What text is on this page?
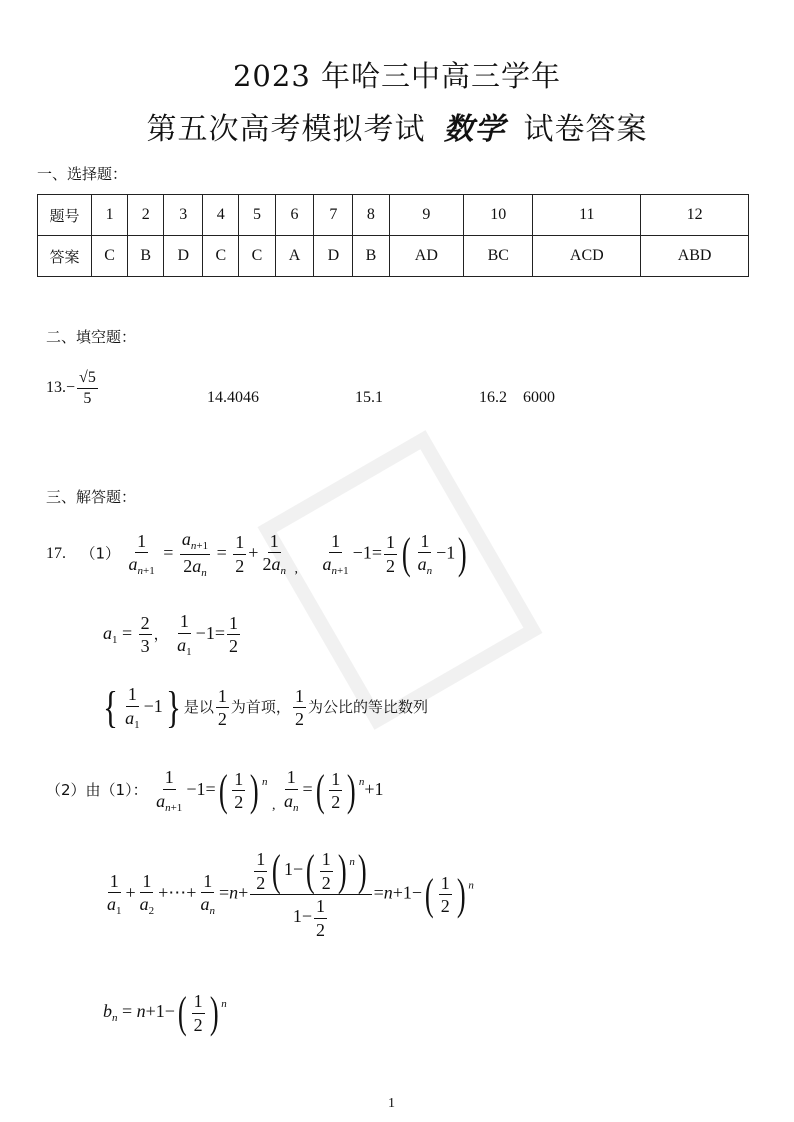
2023 年哈三中高三学年
第五次高考模拟考试 数学 试卷答案
一、选择题：
题号	1	2	3	4	5	6	7	8	9	10	11	12
答案	C	B	D	C	C	A	D	B	AD	BC	ACD	ABD
二、填空题：
$13.- \frac{√5}{5}$	14.4046	15.1	16.2    6000
三、解答题：
17. $(1) \frac{1}{a_{n+1}} = \frac{a_{n+1}}{2a_n} = \frac{1}{2} + \frac{1}{2a_n} _, \frac{1}{a_{n+1}} -1= \frac{1}{2}$ ( $\frac{1}{a_n} -1$)
$a_1 = \frac{2}{3}$ ， $\frac{1}{a_1} -1= \frac{1}{2}$
{ $\frac{1}{a_1} -1$} 是以 $\frac{1}{2}$ 为首项， $\frac{1}{2}$ 为公比的等比数列
（2）由（1）： $\frac{1}{a_{n+1}} -1=( \frac{1}{2}$ ) $^n$ $_, \frac{1}{a_n}$ =( $\frac{1}{2}$ ) $^n$+1
$\frac{1}{a_1} + \frac{1}{a_2}$ +⋯+ $\frac{1}{a_n} =n+ \frac{\frac{1}{2} ( 1-( \frac{1}{2} ) ^n)}{1- \frac{1}{2}} =n+1-( \frac{1}{2}$ ) $^n$
$b_n = n+1-( \frac{1}{2}$ ) $^n$
1
